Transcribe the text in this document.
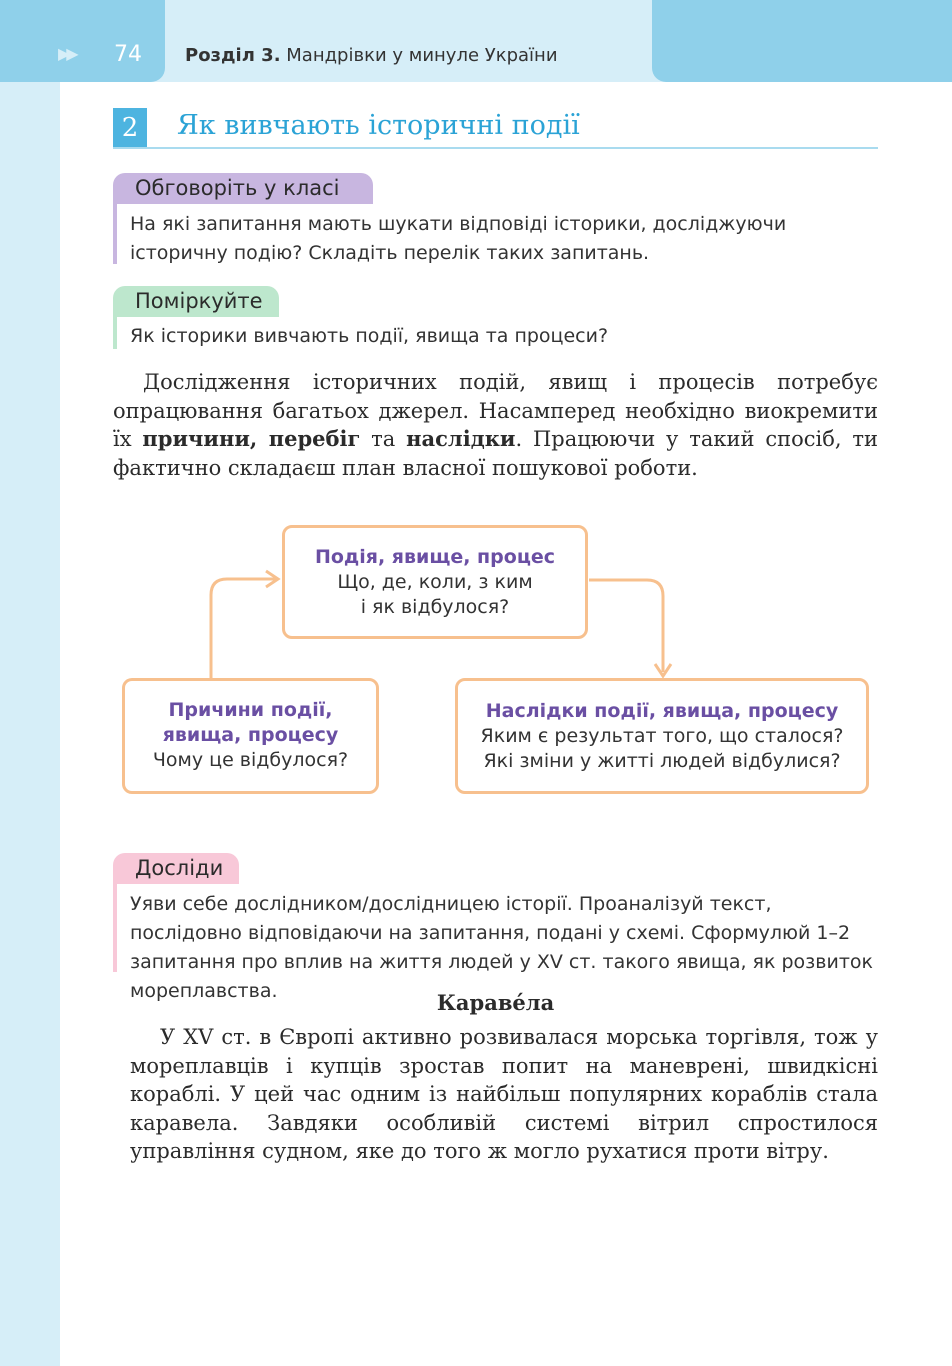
▶▶ 74 Розділ 3. Мандрівки у минуле України
2	Як вивчають історичні події
Обговоріть у класі
На які запитання мають шукати відповіді історики, досліджуючи історичну подію? Складіть перелік таких запитань.
Поміркуйте
Як історики вивчають події, явища та процеси?
Дослідження історичних подій, явищ і процесів потребує опрацювання багатьох джерел. Насамперед необхідно виокремити їх причини, перебіг та наслідки. Працюючи у такий спосіб, ти фактично складаєш план власної пошукової роботи.
Подія, явище, процес
Що, де, коли, з ким
і як відбулося?
Причини події,
явища, процесу
Чому це відбулося?
Наслідки події, явища, процесу
Яким є результат того, що сталося?
Які зміни у житті людей відбулися?
Досліди
Уяви себе дослідником/дослідницею історії. Проаналізуй текст, послідовно відповідаючи на запитання, подані у схемі. Сформулюй 1–2 запитання про вплив на життя людей у XV ст. такого явища, як розвиток мореплавства.	Каравéла
У XV ст. в Європі активно розвивалася морська торгівля, тож у мореплавців і купців зростав попит на маневрені, швидкісні кораблі. У цей час одним із найбільш популярних кораблів стала каравела. Завдяки особливій системі вітрил спростилося управління судном, яке до того ж могло рухатися проти вітру.
